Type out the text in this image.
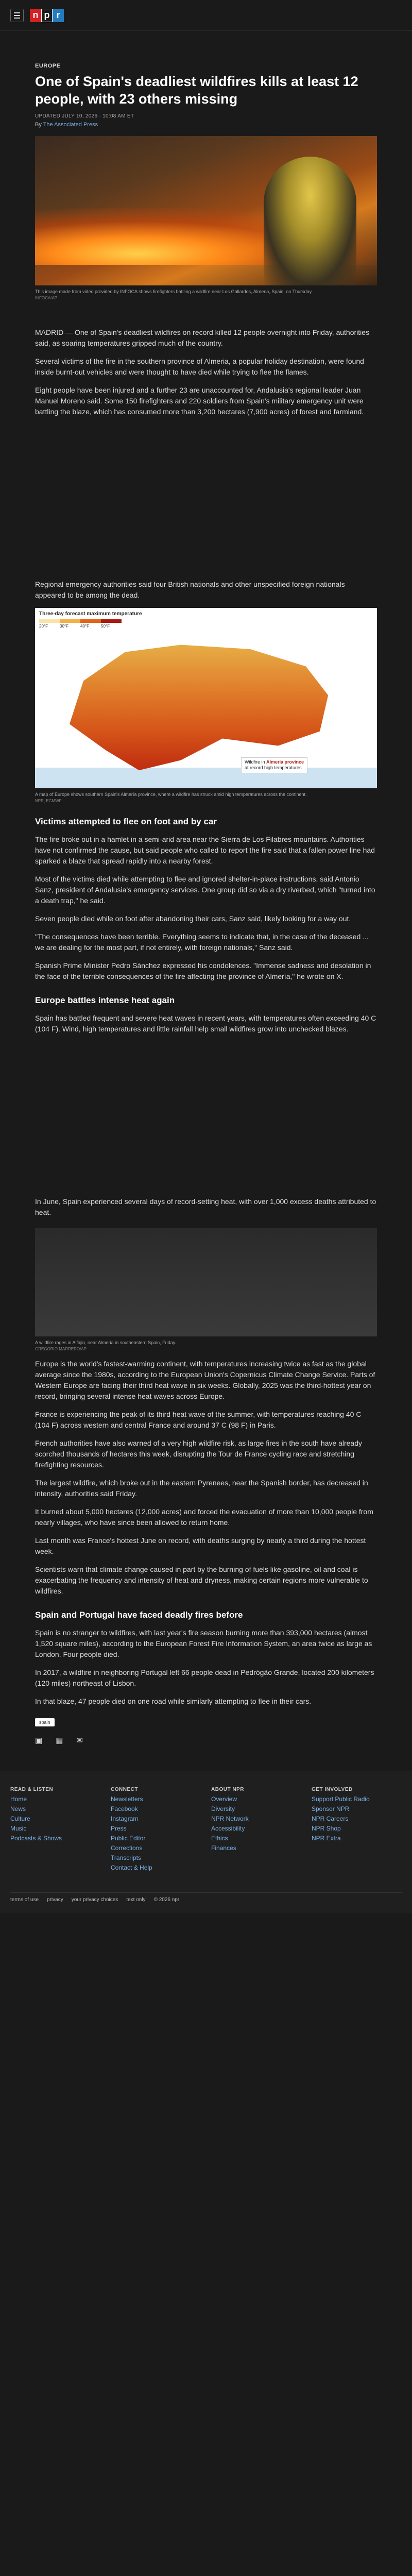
n p r
EUROPE
One of Spain's deadliest wildfires kills at least 12 people, with 23 others missing
UPDATED JULY 10, 2026 · 10:08 AM ET
By The Associated Press
This image made from video provided by INFOCA shows firefighters battling a wildfire near Los Gallardos, Almeria, Spain, on Thursday.
INFOCA/AP

MADRID — One of Spain's deadliest wildfires on record killed 12 people overnight into Friday, authorities said, as soaring temperatures gripped much of the country.

Several victims of the fire in the southern province of Almeria, a popular holiday destination, were found inside burnt-out vehicles and were thought to have died while trying to flee the flames.

Eight people have been injured and a further 23 are unaccounted for, Andalusia's regional leader Juan Manuel Moreno said. Some 150 firefighters and 220 soldiers from Spain's military emergency unit were battling the blaze, which has consumed more than 3,200 hectares (7,900 acres) of forest and farmland.

Regional emergency authorities said four British nationals and other unspecified foreign nationals appeared to be among the dead.

Three-day forecast maximum temperature
20°F	30°F	40°F	50°F
Wildfire in Almería province
at record high temperatures
A map of Europe shows southern Spain's Almería province, where a wildfire has struck amid high temperatures across the continent.
NPR, ECMWF
Victims attempted to flee on foot and by car

The fire broke out in a hamlet in a semi-arid area near the Sierra de Los Filabres mountains. Authorities have not confirmed the cause, but said people who called to report the fire said that a fallen power line had sparked a blaze that spread rapidly into a nearby forest.

Most of the victims died while attempting to flee and ignored shelter-in-place instructions, said Antonio Sanz, president of Andalusia's emergency services. One group did so via a dry riverbed, which "turned into a death trap," he said.

Seven people died while on foot after abandoning their cars, Sanz said, likely looking for a way out.

"The consequences have been terrible. Everything seems to indicate that, in the case of the deceased ... we are dealing for the most part, if not entirely, with foreign nationals," Sanz said.

Spanish Prime Minister Pedro Sánchez expressed his condolences. "Immense sadness and desolation in the face of the terrible consequences of the fire affecting the province of Almería," he wrote on X.

Europe battles intense heat again

Spain has battled frequent and severe heat waves in recent years, with temperatures often exceeding 40 C (104 F). Wind, high temperatures and little rainfall help small wildfires grow into unchecked blazes.

In June, Spain experienced several days of record-setting heat, with over 1,000 excess deaths attributed to heat.

A wildfire rages in Alfajin, near Almeria in southeastern Spain, Friday.
GREGORIO MARRERO/AP

Europe is the world's fastest-warming continent, with temperatures increasing twice as fast as the global average since the 1980s, according to the European Union's Copernicus Climate Change Service. Parts of Western Europe are facing their third heat wave in six weeks. Globally, 2025 was the third-hottest year on record, bringing several intense heat waves across Europe.

France is experiencing the peak of its third heat wave of the summer, with temperatures reaching 40 C (104 F) across western and central France and around 37 C (98 F) in Paris.

French authorities have also warned of a very high wildfire risk, as large fires in the south have already scorched thousands of hectares this week, disrupting the Tour de France cycling race and stretching firefighting resources.

The largest wildfire, which broke out in the eastern Pyrenees, near the Spanish border, has decreased in intensity, authorities said Friday.

It burned about 5,000 hectares (12,000 acres) and forced the evacuation of more than 10,000 people from nearly villages, who have since been allowed to return home.

Last month was France's hottest June on record, with deaths surging by nearly a third during the hottest week.

Scientists warn that climate change caused in part by the burning of fuels like gasoline, oil and coal is exacerbating the frequency and intensity of heat and dryness, making certain regions more vulnerable to wildfires.

Spain and Portugal have faced deadly fires before

Spain is no stranger to wildfires, with last year's fire season burning more than 393,000 hectares (almost 1,520 square miles), according to the European Forest Fire Information System, an area twice as large as London. Four people died.

In 2017, a wildfire in neighboring Portugal left 66 people dead in Pedrógão Grande, located 200 kilometers (120 miles) northeast of Lisbon.

In that blaze, 47 people died on one road while similarly attempting to flee in their cars.

spain
▣ ▦ ✉
READ & LISTEN
Home
News
Culture
Music
Podcasts & Shows
CONNECT
Newsletters
Facebook
Instagram
Press
Public Editor
Corrections
Transcripts
Contact & Help
ABOUT NPR
Overview
Diversity
NPR Network
Accessibility
Ethics
Finances
GET INVOLVED
Support Public Radio
Sponsor NPR
NPR Careers
NPR Shop
NPR Extra
terms of use privacy your privacy choices text only © 2026 npr
